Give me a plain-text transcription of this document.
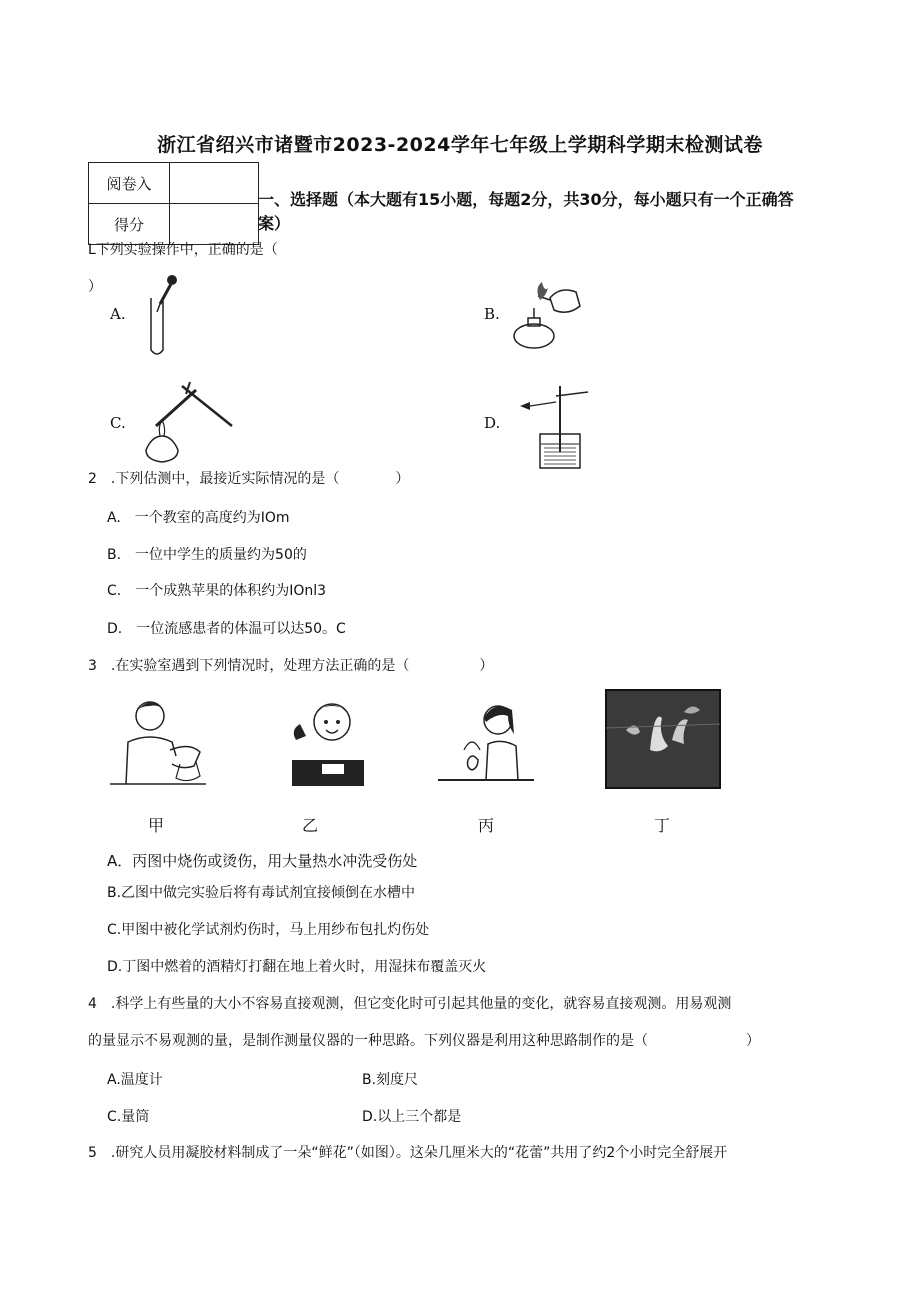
浙江省绍兴市诸暨市2023-2024学年七年级上学期科学期末检测试卷
阅卷入	
得分	
一、选择题（本大题有15小题，每题2分，共30分，每小题只有一个正确答
案）
L下列实验操作中，正确的是（
）
A.	B.
C.	D.
2　.下列估测中，最接近实际情况的是（　　　　）
A.　一个教室的高度约为IOm
B.　一位中学生的质量约为50的
C.　一个成熟苹果的体积约为IOnl3
D.　一位流感患者的体温可以达50。C
3　.在实验室遇到下列情况时，处理方法正确的是（　　　　　）
甲	乙	丙	丁
A．丙图中烧伤或烫伤，用大量热水冲洗受伤处
B.乙图中做完实验后将有毒试剂宜接倾倒在水槽中
C.甲图中被化学试剂灼伤时，马上用纱布包扎灼伤处
D.丁图中燃着的酒精灯打翻在地上着火时，用湿抹布覆盖灭火
4　.科学上有些量的大小不容易直接观测，但它变化时可引起其他量的变化，就容易直接观测。用易观测
的量显示不易观测的量，是制作测量仪器的一种思路。下列仪器是利用这种思路制作的是（　　　　　　　）
A.温度计	B.刻度尺
C.量筒	D.以上三个都是
5　.研究人员用凝胶材料制成了一朵“鲜花”（如图）。这朵几厘米大的“花蕾”共用了约2个小时完全舒展开
